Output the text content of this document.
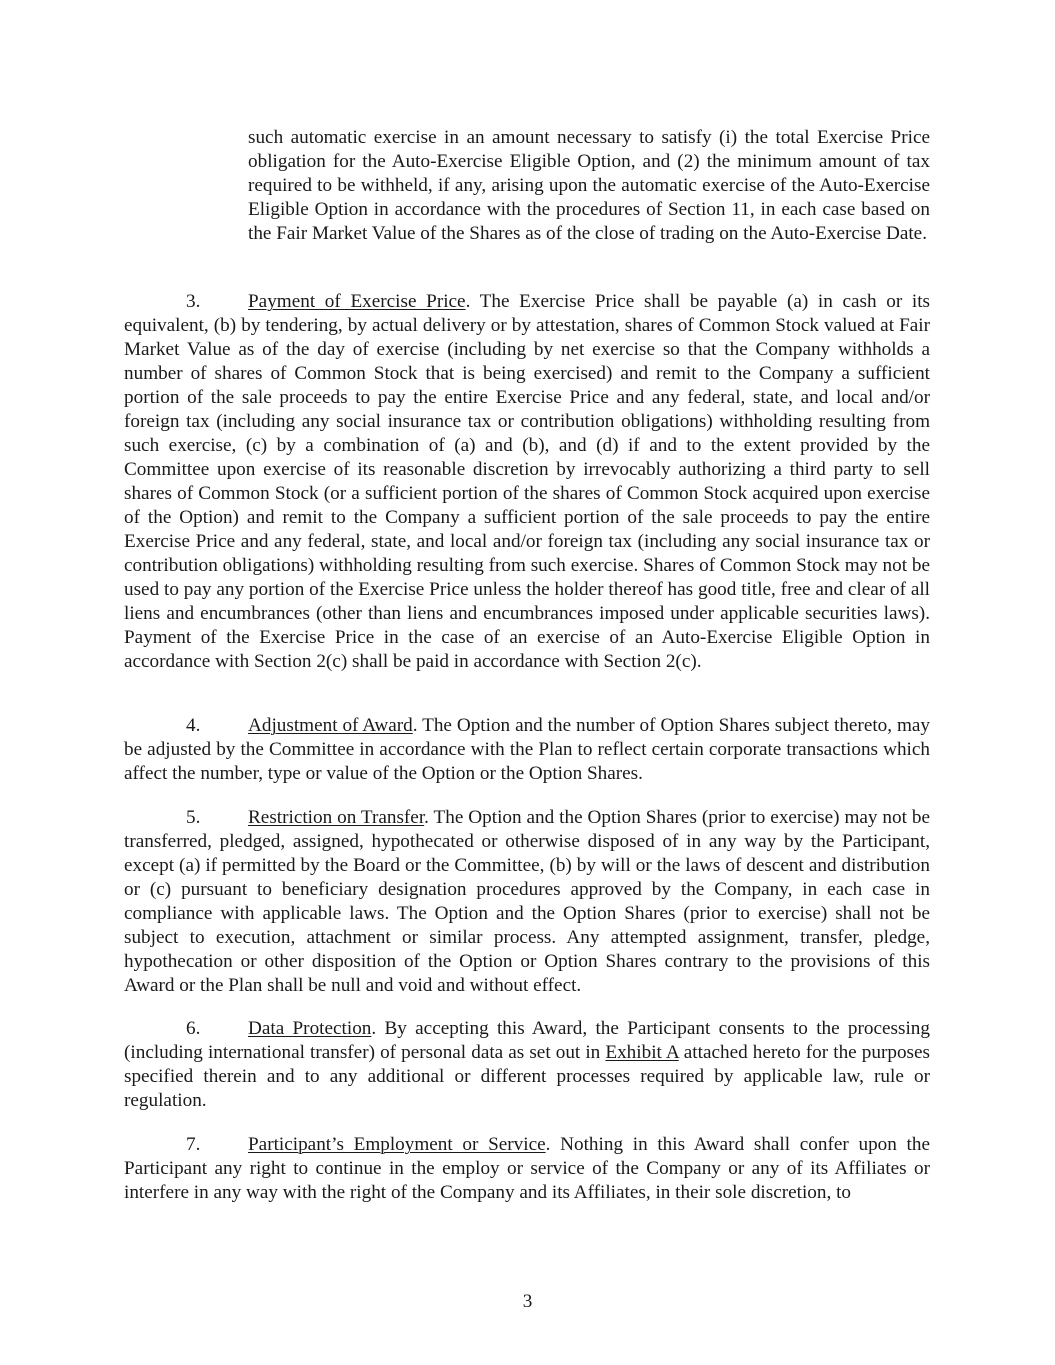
such automatic exercise in an amount necessary to satisfy (i) the total Exercise Price obligation for the Auto-Exercise Eligible Option, and (2) the minimum amount of tax required to be withheld, if any, arising upon the automatic exercise of the Auto-Exercise Eligible Option in accordance with the procedures of Section 11, in each case based on the Fair Market Value of the Shares as of the close of trading on the Auto-Exercise Date.

3. Payment of Exercise Price. The Exercise Price shall be payable (a) in cash or its equivalent, (b) by tendering, by actual delivery or by attestation, shares of Common Stock valued at Fair Market Value as of the day of exercise (including by net exercise so that the Company withholds a number of shares of Common Stock that is being exercised) and remit to the Company a sufficient portion of the sale proceeds to pay the entire Exercise Price and any federal, state, and local and/or foreign tax (including any social insurance tax or contribution obligations) withholding resulting from such exercise, (c) by a combination of (a) and (b), and (d) if and to the extent provided by the Committee upon exercise of its reasonable discretion by irrevocably authorizing a third party to sell shares of Common Stock (or a sufficient portion of the shares of Common Stock acquired upon exercise of the Option) and remit to the Company a sufficient portion of the sale proceeds to pay the entire Exercise Price and any federal, state, and local and/or foreign tax (including any social insurance tax or contribution obligations) withholding resulting from such exercise. Shares of Common Stock may not be used to pay any portion of the Exercise Price unless the holder thereof has good title, free and clear of all liens and encumbrances (other than liens and encumbrances imposed under applicable securities laws). Payment of the Exercise Price in the case of an exercise of an Auto-Exercise Eligible Option in accordance with Section 2(c) shall be paid in accordance with Section 2(c).

4. Adjustment of Award. The Option and the number of Option Shares subject thereto, may be adjusted by the Committee in accordance with the Plan to reflect certain corporate transactions which affect the number, type or value of the Option or the Option Shares.

5. Restriction on Transfer. The Option and the Option Shares (prior to exercise) may not be transferred, pledged, assigned, hypothecated or otherwise disposed of in any way by the Participant, except (a) if permitted by the Board or the Committee, (b) by will or the laws of descent and distribution or (c) pursuant to beneficiary designation procedures approved by the Company, in each case in compliance with applicable laws. The Option and the Option Shares (prior to exercise) shall not be subject to execution, attachment or similar process. Any attempted assignment, transfer, pledge, hypothecation or other disposition of the Option or Option Shares contrary to the provisions of this Award or the Plan shall be null and void and without effect.

6. Data Protection. By accepting this Award, the Participant consents to the processing (including international transfer) of personal data as set out in Exhibit A attached hereto for the purposes specified therein and to any additional or different processes required by applicable law, rule or regulation.

7. Participant’s Employment or Service. Nothing in this Award shall confer upon the Participant any right to continue in the employ or service of the Company or any of its Affiliates or interfere in any way with the right of the Company and its Affiliates, in their sole discretion, to

3
